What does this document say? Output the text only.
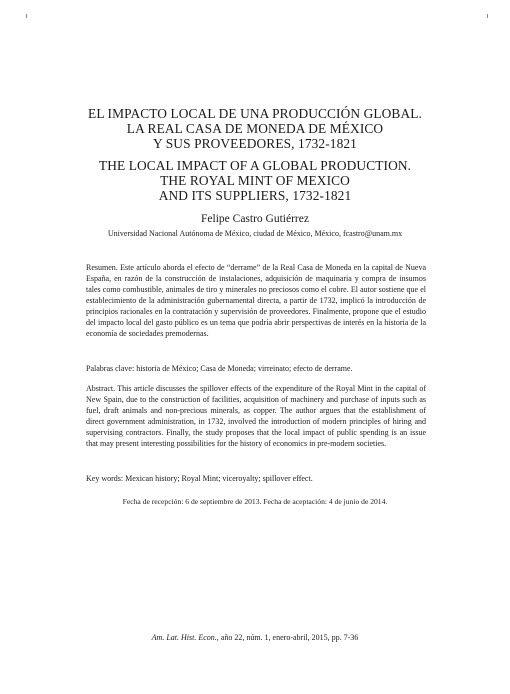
EL IMPACTO LOCAL DE UNA PRODUCCIÓN GLOBAL.
LA REAL CASA DE MONEDA DE MÉXICO
Y SUS PROVEEDORES, 1732-1821
THE LOCAL IMPACT OF A GLOBAL PRODUCTION.
THE ROYAL MINT OF MEXICO
AND ITS SUPPLIERS, 1732-1821
Felipe Castro Gutiérrez
Universidad Nacional Autónoma de México, ciudad de México, México, fcastro@unam.mx
Resumen. Este artículo aborda el efecto de “derrame” de la Real Casa de Moneda en la capital de Nueva España, en razón de la construcción de instalaciones, adquisición de maquinaria y compra de insumos tales como combustible, animales de tiro y minerales no preciosos como el cobre. El autor sostiene que el establecimiento de la administración gubernamental directa, a partir de 1732, implicó la introducción de principios racionales en la contratación y supervisión de proveedores. Finalmente, propone que el estudio del impacto local del gasto público es un tema que podría abrir perspectivas de interés en la historia de la economía de sociedades premodernas.
Palabras clave: historia de México; Casa de Moneda; virreinato; efecto de derrame.
Abstract. This article discusses the spillover effects of the expenditure of the Royal Mint in the capital of New Spain, due to the construction of facilities, acquisition of machinery and purchase of inputs such as fuel, draft animals and non-precious minerals, as copper. The author argues that the establishment of direct government administration, in 1732, involved the introduction of modern principles of hiring and supervising contractors. Finally, the study proposes that the local impact of public spending is an issue that may present interesting possibilities for the history of economics in pre-modern societies.
Key words: Mexican history; Royal Mint; viceroyalty; spillover effect.
Fecha de recepción: 6 de septiembre de 2013. Fecha de aceptación: 4 de junio de 2014.
Am. Lat. Hist. Econ., año 22, núm. 1, enero-abril, 2015, pp. 7-36
